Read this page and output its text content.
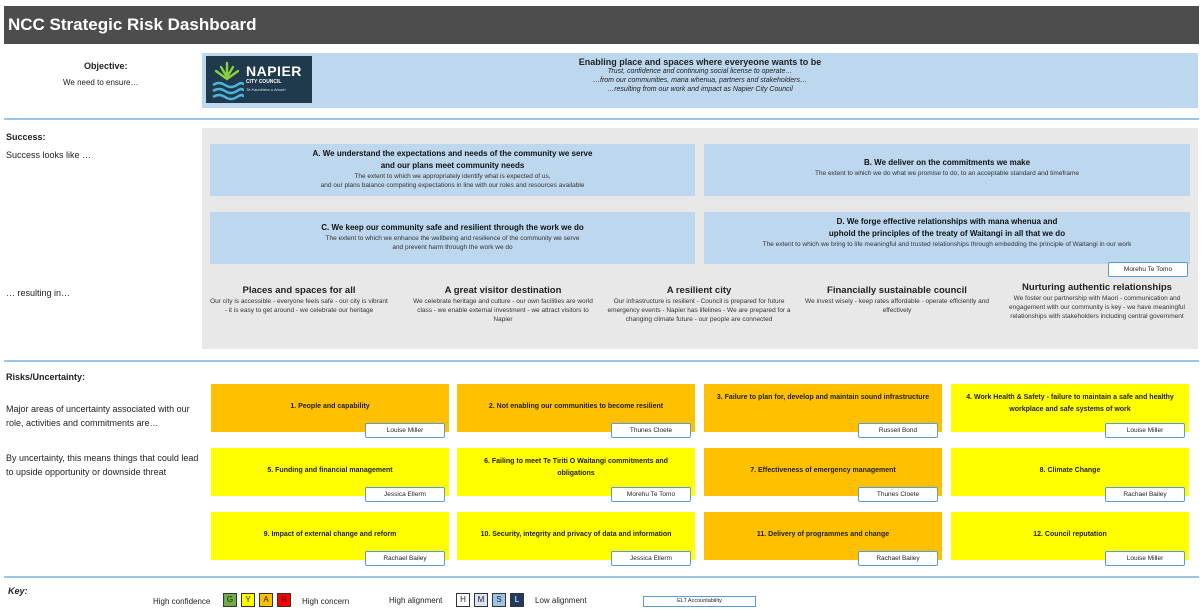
NCC Strategic Risk Dashboard
Objective:
We need to ensure…
NAPIER
CITY COUNCIL
Te Kaunihera o Ahuriri
Enabling place and spaces where everyeone wants to be
Trust, confidence and continuing social license to operate…
…from our communities, mana whenua, partners and stakeholders…
…resulting from our work and impact as Napier City Council
Success:
Success looks like …
… resulting in…
A. We understand the expectations and needs of the community we serve
and our plans meet community needs
The extent to which we appropriately identify what is expected of us,
and our plans balance competing expectations in line with our roles and resources available
B. We deliver on the commitments we make
The extent to which we do what we promise to do, to an acceptable standard and timeframe
C. We keep our community safe and resilient through the work we do
The extent to which we enhance the wellbeing and resilience of the community we serve
and prevent harm through the work we do
D. We forge effective relationships with mana whenua and
uphold the principles of the treaty of Waitangi in all that we do
The extent to which we bring to life meaningful and trusted relationships through embedding the principle of Waitangi in our work
Morehu Te Tomo
Places and spaces for all
Our city is accessible - everyone feels safe - our city is vibrant - it is easy to get around - we celebrate our heritage
A great visitor destination
We celebrate heritage and culture - our own facilities are world class - we enable external investment - we attract visitors to Napier
A resilient city
Our infrastructure is resilient - Council is prepared for future emergency events - Napier has lifelines - We are prepared for a changing climate future - our people are connected
Financially sustainable council
We invest wisely - keep rates affordable - operate efficiently and effectively
Nurturing authentic relationships
We foster our partnership with Maori - communication and engagement with our community is key - we have meaningful relationships with stakeholders including central government
Risks/Uncertainty:
Major areas of uncertainty associated with our role, activities and commitments are…
By uncertainty, this means things that could lead to upside opportunity or downside threat
1. People and capability
Louise Miller
2. Not enabling our communities to become resilient
Thunes Cloete
3. Failure to plan for, develop and maintain sound infrastructure
Russell Bond
4. Work Health & Safety - failure to maintain a safe and healthy workplace and safe systems of work
Louise Miller
5. Funding and financial management
Jessica Ellerm
6. Failing to meet Te Tiriti O Waitangi commitments and obligations
Morehu Te Tomo
7. Effectiveness of emergency management
Thunes Cloete
8. Climate Change
Rachael Bailey
9. Impact of external change and reform
Rachael Bailey
10. Security, integrity and privacy of data and information
Jessica Ellerm
11. Delivery of programmes and change
Rachael Bailey
12. Council reputation
Louise Miller
Key:
High confidence	G	Y	A	R	High concern	High alignment	H	M	S	L	Low alignment	ELT Accountability
